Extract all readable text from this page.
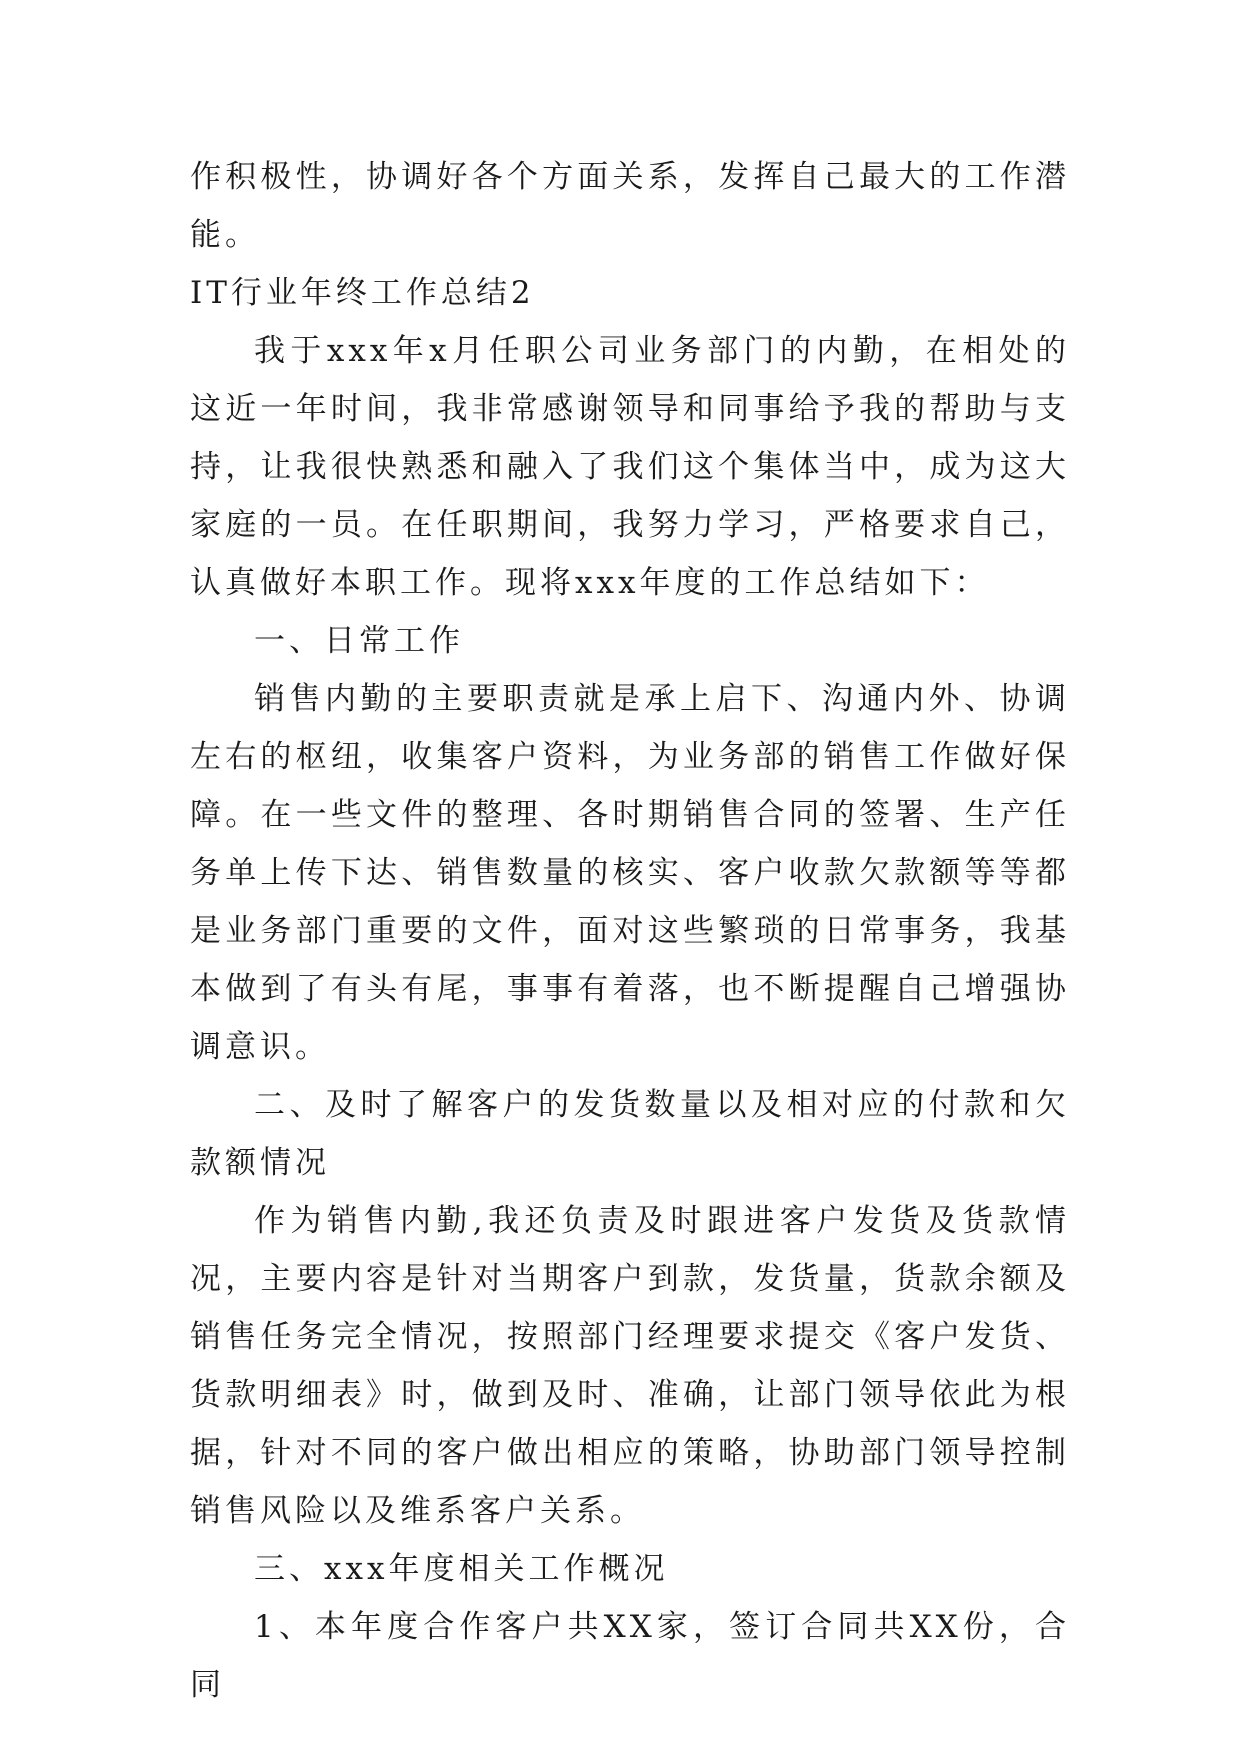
作积极性，协调好各个方面关系，发挥自己最大的工作潜能。

IT行业年终工作总结2

我于xxx年x月任职公司业务部门的内勤，在相处的这近一年时间，我非常感谢领导和同事给予我的帮助与支持，让我很快熟悉和融入了我们这个集体当中，成为这大家庭的一员。在任职期间，我努力学习，严格要求自己，认真做好本职工作。现将xxx年度的工作总结如下：

一、日常工作

销售内勤的主要职责就是承上启下、沟通内外、协调左右的枢纽，收集客户资料，为业务部的销售工作做好保障。在一些文件的整理、各时期销售合同的签署、生产任务单上传下达、销售数量的核实、客户收款欠款额等等都是业务部门重要的文件，面对这些繁琐的日常事务，我基本做到了有头有尾，事事有着落，也不断提醒自己增强协调意识。

二、及时了解客户的发货数量以及相对应的付款和欠款额情况

作为销售内勤,我还负责及时跟进客户发货及货款情况，主要内容是针对当期客户到款，发货量，货款余额及销售任务完全情况，按照部门经理要求提交《客户发货、货款明细表》时，做到及时、准确，让部门领导依此为根据，针对不同的客户做出相应的策略，协助部门领导控制销售风险以及维系客户关系。

三、xxx年度相关工作概况

1、本年度合作客户共XX家，签订合同共XX份，合同
